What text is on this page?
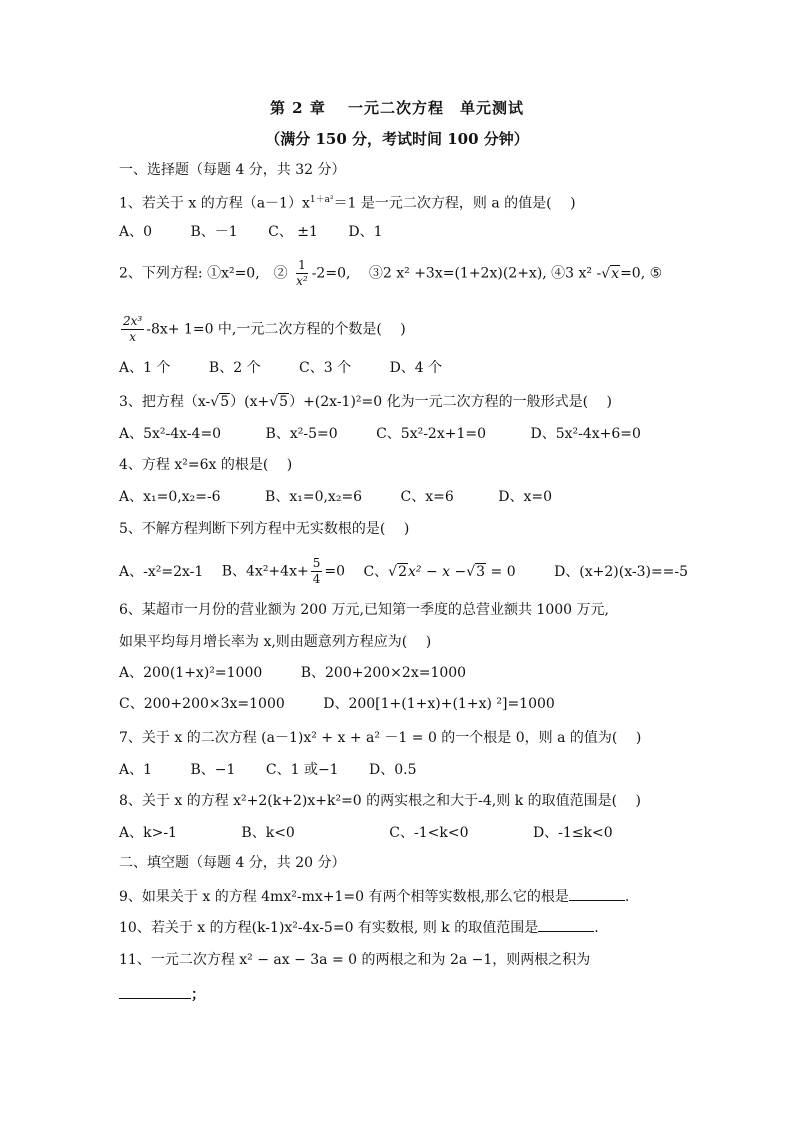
第 2 章　 一元二次方程　单元测试
（满分 150 分，考试时间 100 分钟）
一、选择题（每题 4 分，共 32 分）
1、若关于 x 的方程$(a-1)x^{1+a^2}=1$ 是一元二次方程，则 a 的值是(　 )
A、0	B、－1 C、 ±1 D、1
2、下列方程: ①x²=0,　② $\frac{1}{\text{x²}} -2=0$,　 ③2 x² +3x=(1+2x)(2+x), ④3 x² -√x=0, ⑤
$\frac{\text{2x³}}{x} -8x+ 1=0$ 中,一元二次方程的个数是(　 )
A、1 个	B、2 个	C、3 个	D、4 个
3、把方程（x-√5）(x+√5）+(2x-1)²=0 化为一元二次方程的一般形式是(　 )
A、5x²-4x-4=0	B、x²-5=0	C、5x²-2x+1=0	D、5x²-4x+6=0
4、方程 x²=6x 的根是(　 )
A、x₁=0,x₂=-6	B、x₁=0,x₂=6	C、x=6	D、x=0
5、不解方程判断下列方程中无实数根的是(　 )
A、-x²=2x-1 B、$4x^2+4x+ \frac{5}{4} =0$ C、√2x² − x −√3 = 0	D、(x+2)(x-3)==-5
6、某超市一月份的营业额为 200 万元,已知第一季度的总营业额共 1000 万元,
如果平均每月增长率为 x,则由题意列方程应为(　 )
A、200(1+x)²=1000	B、200+200×2x=1000
C、200+200×3x=1000	D、200[1+(1+x)+(1+x) ²]=1000
7、关于 x 的二次方程 (a－1)x² + x + a² －1 = 0 的一个根是 0，则 a 的值为(　 )
A、1	B、−1 C、1 或−1 D、0.5
8、关于 x 的方程 x²+2(k+2)x+k²=0 的两实根之和大于-4,则 k 的取值范围是(　 )
A、k>-1	B、k<0	C、-1<k<0	D、-1≤k<0
二、填空题（每题 4 分，共 20 分）
9、如果关于 x 的方程 4mx²-mx+1=0 有两个相等实数根,那么它的根是	.
10、若关于 x 的方程(k-1)x²-4x-5=0 有实数根, 则 k 的取值范围是	.
11、一元二次方程 x² − ax − 3a = 0 的两根之和为 2a −1，则两根之积为
；
